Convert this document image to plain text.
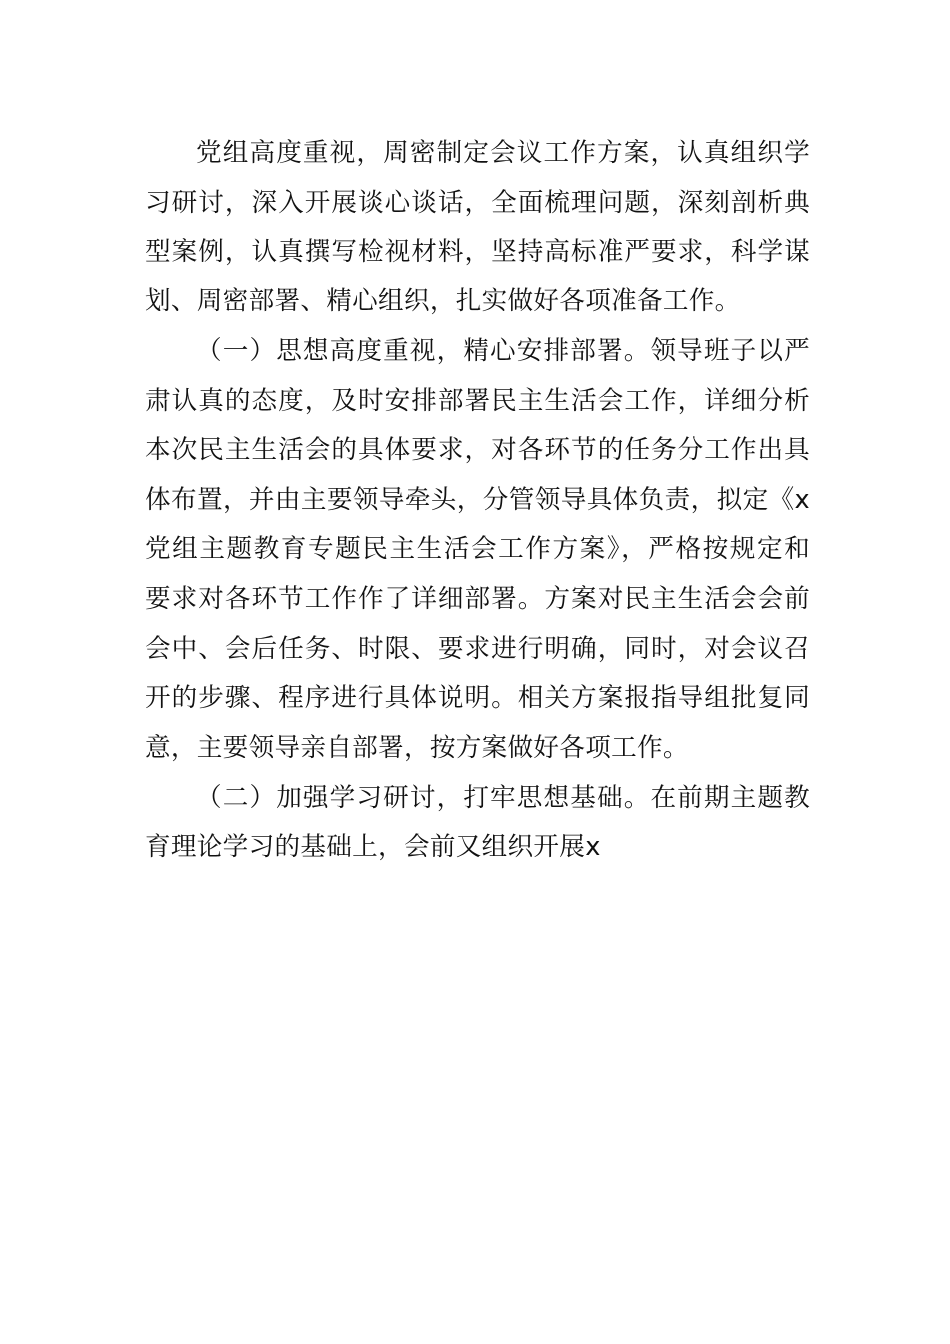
党组高度重视，周密制定会议工作方案，认真组织学

习研讨，深入开展谈心谈话，全面梳理问题，深刻剖析典

型案例，认真撰写检视材料，坚持高标准严要求，科学谋

划、周密部署、精心组织，扎实做好各项准备工作。

（一）思想高度重视，精心安排部署。领导班子以严

肃认真的态度，及时安排部署民主生活会工作，详细分析

本次民主生活会的具体要求，对各环节的任务分工作出具

体布置，并由主要领导牵头，分管领导具体负责，拟定《x

党组主题教育专题民主生活会工作方案》，严格按规定和

要求对各环节工作作了详细部署。方案对民主生活会会前

会中、会后任务、时限、要求进行明确，同时，对会议召

开的步骤、程序进行具体说明。相关方案报指导组批复同

意，主要领导亲自部署，按方案做好各项工作。

（二）加强学习研讨，打牢思想基础。在前期主题教

育理论学习的基础上，会前又组织开展x
